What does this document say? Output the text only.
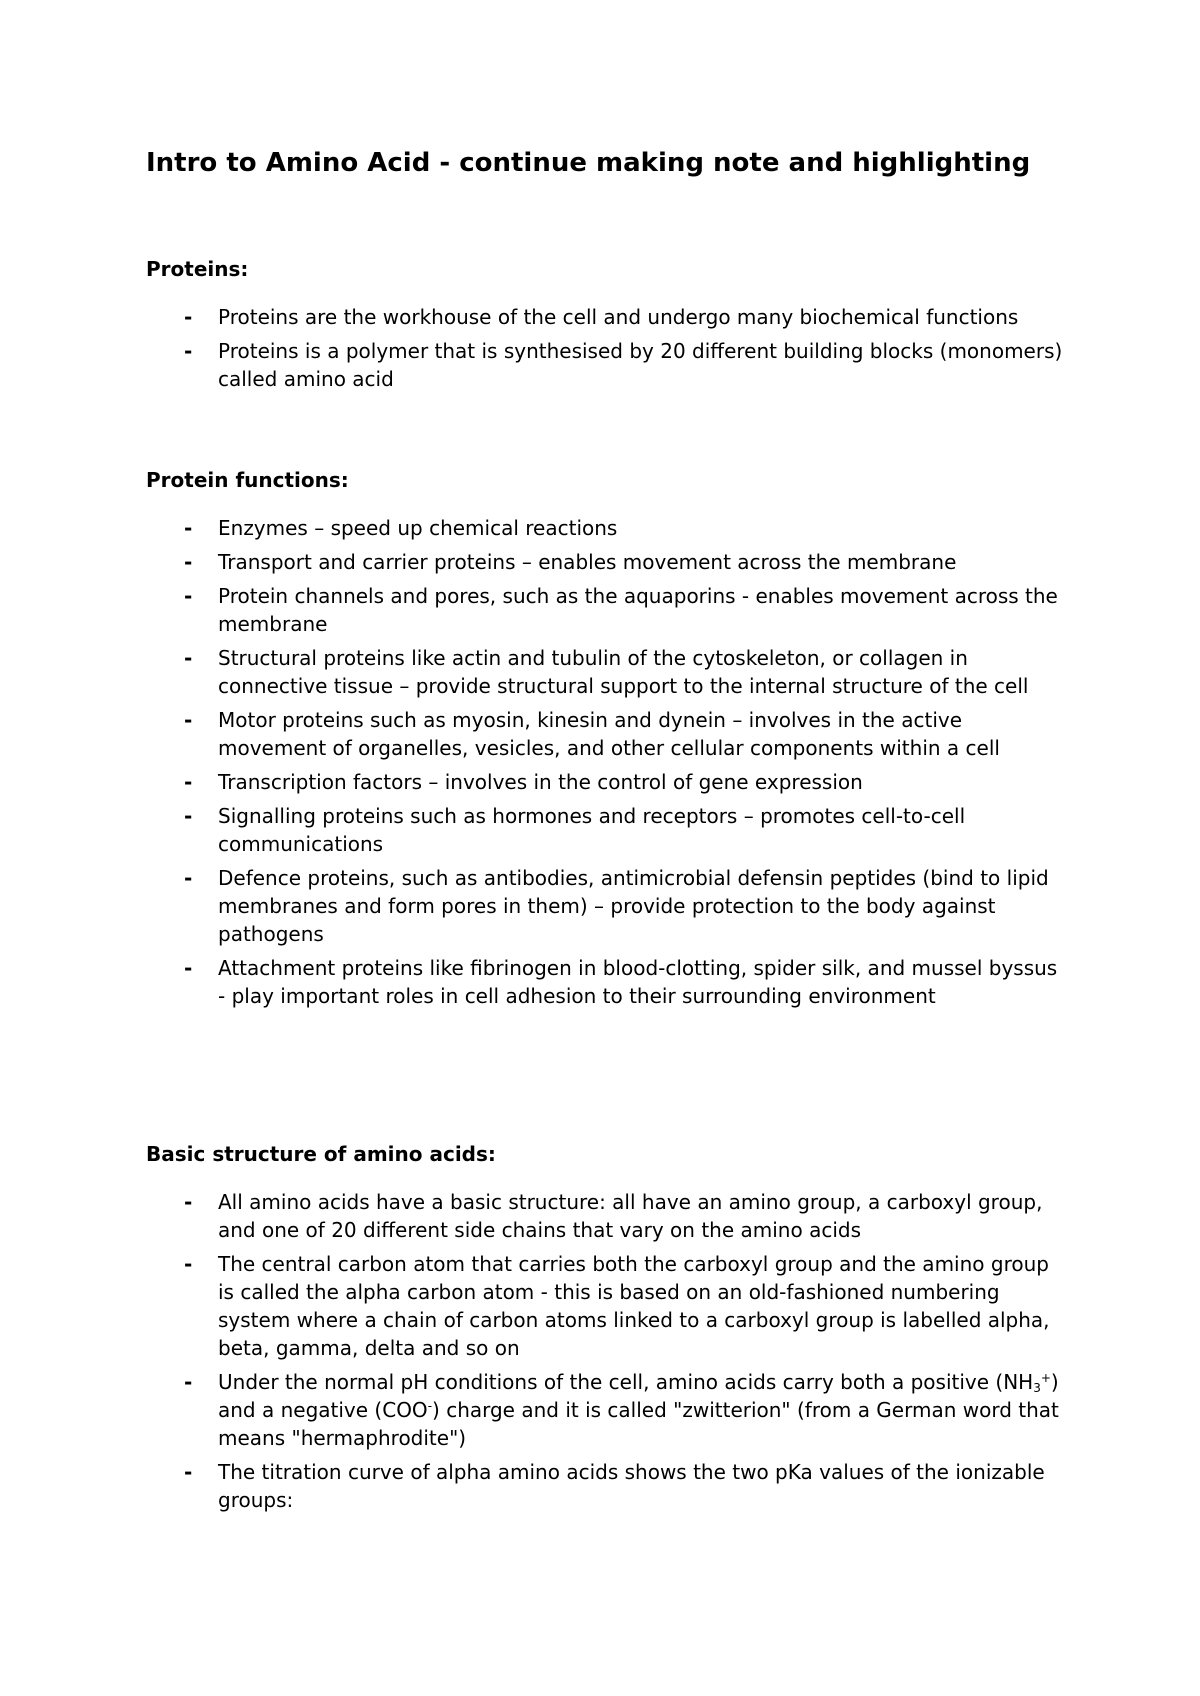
Intro to Amino Acid - continue making note and highlighting
Proteins:
- Proteins are the workhouse of the cell and undergo many biochemical functions
- Proteins is a polymer that is synthesised by 20 different building blocks (monomers) called amino acid
Protein functions:
- Enzymes – speed up chemical reactions
- Transport and carrier proteins – enables movement across the membrane
- Protein channels and pores, such as the aquaporins - enables movement across the membrane
- Structural proteins like actin and tubulin of the cytoskeleton, or collagen in connective tissue – provide structural support to the internal structure of the cell
- Motor proteins such as myosin, kinesin and dynein – involves in the active movement of organelles, vesicles, and other cellular components within a cell
- Transcription factors – involves in the control of gene expression
- Signalling proteins such as hormones and receptors – promotes cell-to-cell communications
- Defence proteins, such as antibodies, antimicrobial defensin peptides (bind to lipid membranes and form pores in them) – provide protection to the body against pathogens
- Attachment proteins like fibrinogen in blood-clotting, spider silk, and mussel byssus - play important roles in cell adhesion to their surrounding environment
Basic structure of amino acids:
- All amino acids have a basic structure: all have an amino group, a carboxyl group, and one of 20 different side chains that vary on the amino acids
- The central carbon atom that carries both the carboxyl group and the amino group is called the alpha carbon atom - this is based on an old-fashioned numbering system where a chain of carbon atoms linked to a carboxyl group is labelled alpha, beta, gamma, delta and so on
- Under the normal pH conditions of the cell, amino acids carry both a positive $(NH_3^+)$ and a negative (COO-) charge and it is called "zwitterion" (from a German word that means "hermaphrodite")
- The titration curve of alpha amino acids shows the two pKa values of the ionizable groups:
